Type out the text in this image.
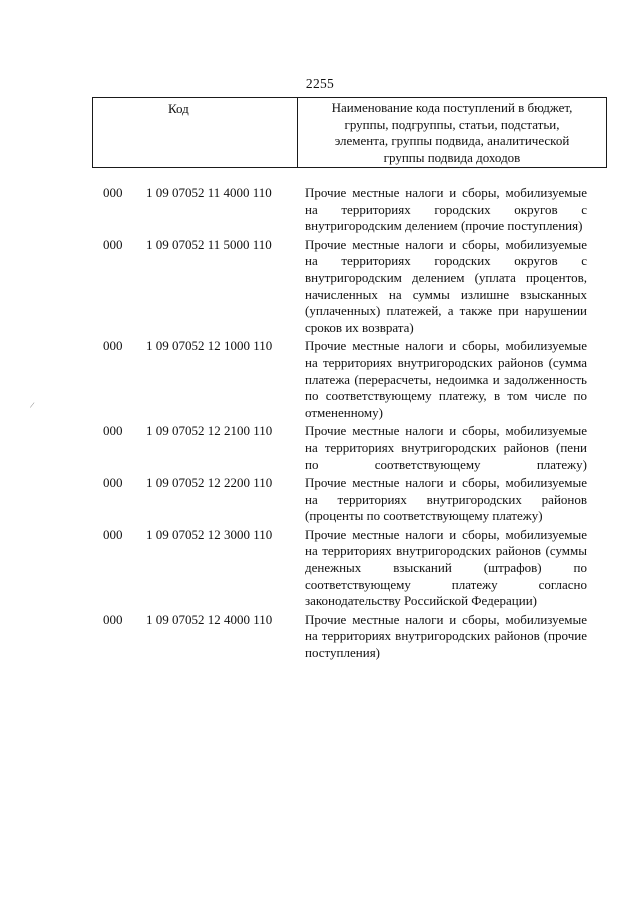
2255
Код	Наименование кода поступлений в бюджет,
группы, подгруппы, статьи, подстатьи,
элемента, группы подвида, аналитической
группы подвида доходов
000 1 09 07052 11 4000 110	Прочие местные налоги и сборы, мобилизуемые на территориях городских округов с внутригородским делением (прочие поступления)
000 1 09 07052 11 5000 110	Прочие местные налоги и сборы, мобилизуемые на территориях городских округов с внутригородским делением (уплата процентов, начисленных на суммы излишне взысканных (уплаченных) платежей, а также при нарушении сроков их возврата)
000 1 09 07052 12 1000 110	Прочие местные налоги и сборы, мобилизуемые на территориях внутригородских районов (сумма платежа (перерасчеты, недоимка и задолженность по соответствующему платежу, в том числе по отмененному)
000 1 09 07052 12 2100 110	Прочие местные налоги и сборы, мобилизуемые на территориях внутригородских районов (пени по соответствующему платежу)
000 1 09 07052 12 2200 110	Прочие местные налоги и сборы, мобилизуемые на территориях внутригородских районов (проценты по соответствующему платежу)
000 1 09 07052 12 3000 110	Прочие местные налоги и сборы, мобилизуемые на территориях внутригородских районов (суммы денежных взысканий (штрафов) по соответствующему платежу согласно законодательству Российской Федерации)
000 1 09 07052 12 4000 110	Прочие местные налоги и сборы, мобилизуемые на территориях внутригородских районов (прочие поступления)
/
